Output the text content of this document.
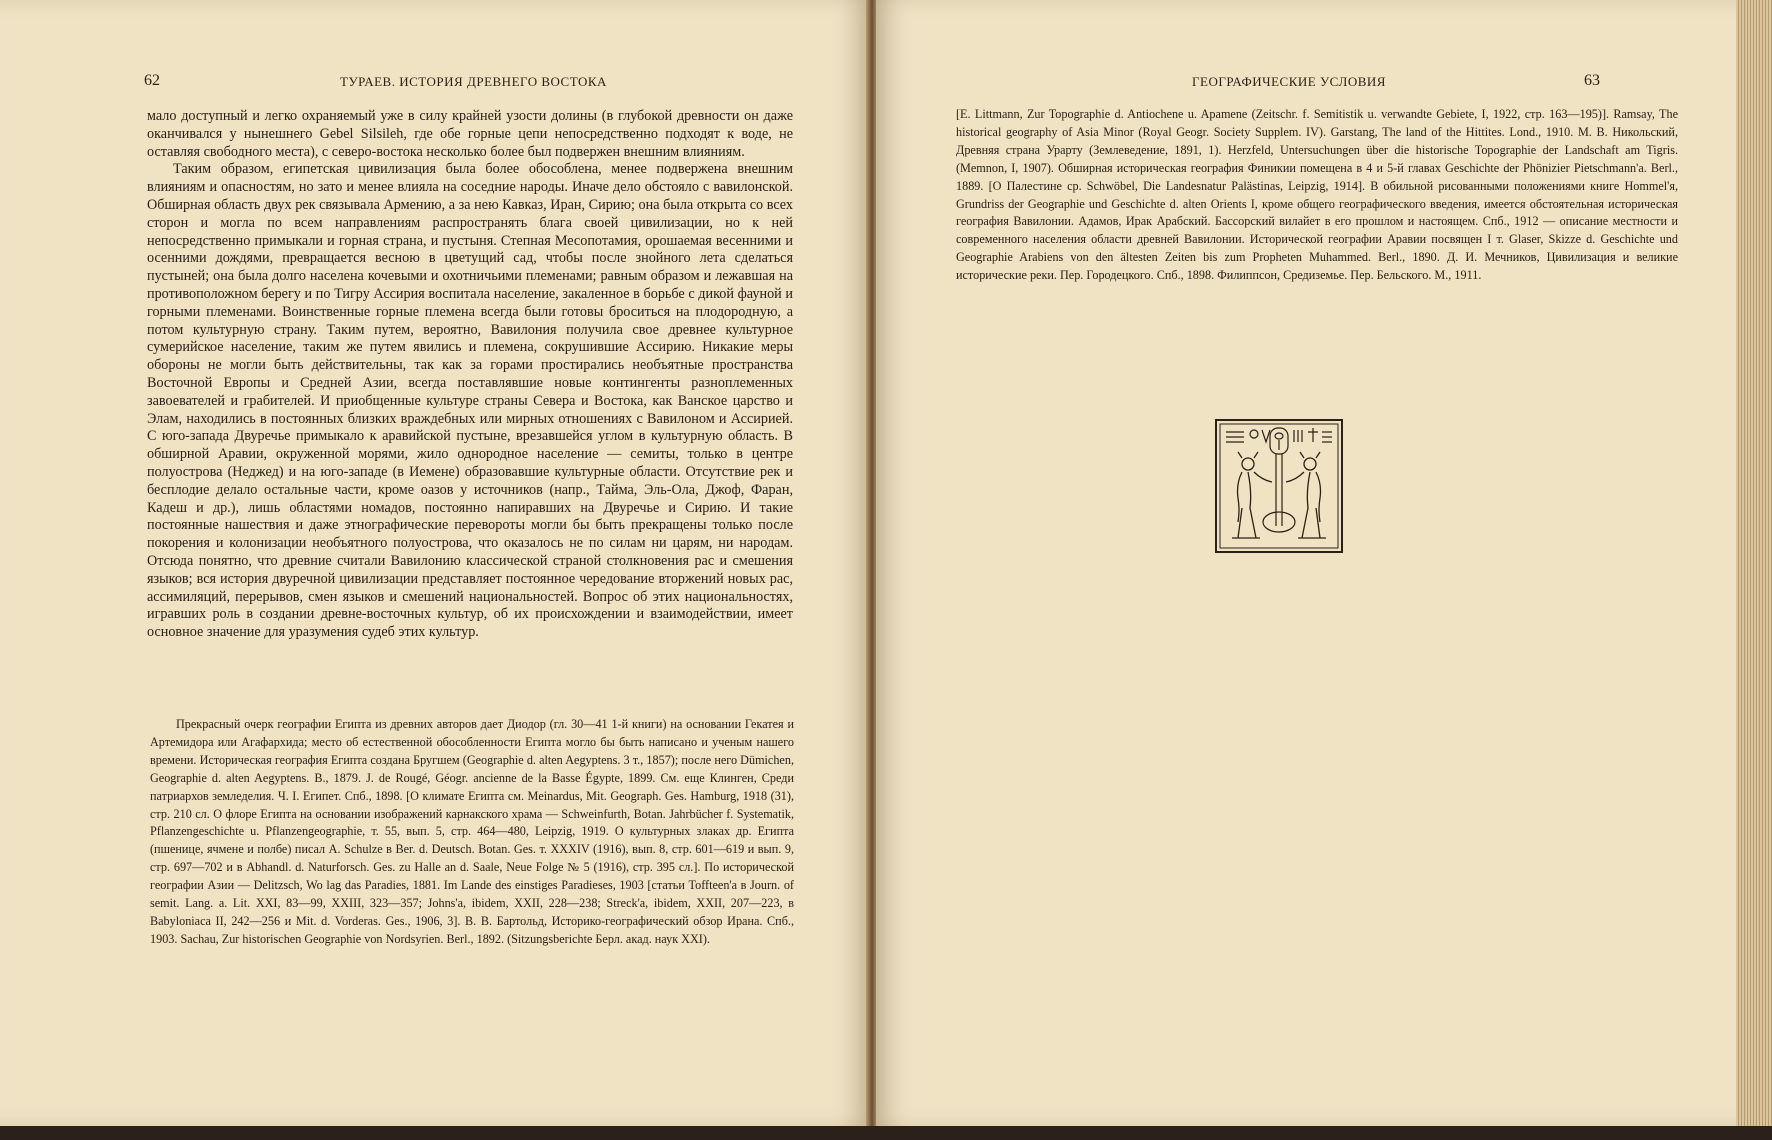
62	ТУРАЕВ. ИСТОРИЯ ДРЕВНЕГО ВОСТОКА

мало доступный и легко охраняемый уже в силу крайней узости долины (в глубокой древности он даже оканчивался у нынешнего Gebel Silsileh, где обе горные цепи непосредственно подходят к воде, не оставляя свободного места), с северо-востока несколько более был подвержен внешним влияниям.

Таким образом, египетская цивилизация была более обособлена, менее подвержена внешним влияниям и опасностям, но зато и менее влияла на соседние народы. Иначе дело обстояло с вавилонской. Обширная область двух рек связывала Армению, а за нею Кавказ, Иран, Сирию; она была открыта со всех сторон и могла по всем направлениям распространять блага своей цивилизации, но к ней непосредственно примыкали и горная страна, и пустыня. Степная Месопотамия, орошаемая весенними и осенними дождями, превращается весною в цветущий сад, чтобы после знойного лета сделаться пустыней; она была долго населена кочевыми и охотничьими племенами; равным образом и лежавшая на противоположном берегу и по Тигру Ассирия воспитала население, закаленное в борьбе с дикой фауной и горными племенами. Воинственные горные племена всегда были готовы броситься на плодородную, а потом культурную страну. Таким путем, вероятно, Вавилония получила свое древнее культурное сумерийское население, таким же путем явились и племена, сокрушившие Ассирию. Никакие меры обороны не могли быть действительны, так как за горами простирались необъятные пространства Восточной Европы и Средней Азии, всегда поставлявшие новые контингенты разноплеменных завоевателей и грабителей. И приобщенные культуре страны Севера и Востока, как Ванское царство и Элам, находились в постоянных близких враждебных или мирных отношениях с Вавилоном и Ассирией. С юго-запада Двуречье примыкало к аравийской пустыне, врезавшейся углом в культурную область. В обширной Аравии, окруженной морями, жило однородное население — семиты, только в центре полуострова (Неджед) и на юго-западе (в Иемене) образовавшие культурные области. Отсутствие рек и бесплодие делало остальные части, кроме оазов у источников (напр., Тайма, Эль-Ола, Джоф, Фаран, Кадеш и др.), лишь областями номадов, постоянно напиравших на Двуречье и Сирию. И такие постоянные нашествия и даже этнографические перевороты могли бы быть прекращены только после покорения и колонизации необъятного полуострова, что оказалось не по силам ни царям, ни народам. Отсюда понятно, что древние считали Вавилонию классической страной столкновения рас и смешения языков; вся история двуречной цивилизации представляет постоянное чередование вторжений новых рас, ассимиляций, перерывов, смен языков и смешений национальностей. Вопрос об этих национальностях, игравших роль в создании древне-восточных культур, об их происхождении и взаимодействии, имеет основное значение для уразумения судеб этих культур.

Прекрасный очерк географии Египта из древних авторов дает Диодор (гл. 30—41 1-й книги) на основании Гекатея и Артемидора или Агафархида; место об естественной обособленности Египта могло бы быть написано и ученым нашего времени. Историческая география Египта создана Бругшем (Geographie d. alten Aegyptens. 3 т., 1857); после него Dümichen, Geographie d. alten Aegyptens. B., 1879. J. de Rougé, Géogr. ancienne de la Basse Égypte, 1899. См. еще Клинген, Среди патриархов земледелия. Ч. I. Египет. Спб., 1898. [О климате Египта см. Meinardus, Mit. Geograph. Ges. Hamburg, 1918 (31), стр. 210 сл. О флоре Египта на основании изображений карнакского храма — Schweinfurth, Botan. Jahrbücher f. Systematik, Pflanzengeschichte u. Pflanzengeographie, т. 55, вып. 5, стр. 464—480, Leipzig, 1919. О культурных злаках др. Египта (пшенице, ячмене и полбе) писал A. Schulze в Ber. d. Deutsch. Botan. Ges. т. XXXIV (1916), вып. 8, стр. 601—619 и вып. 9, стр. 697—702 и в Abhandl. d. Naturforsch. Ges. zu Halle an d. Saale, Neue Folge № 5 (1916), стр. 395 сл.]. По исторической географии Азии — Delitzsch, Wo lag das Paradies, 1881. Im Lande des einstiges Paradieses, 1903 [статьи Toffteen'a в Journ. of semit. Lang. a. Lit. XXI, 83—99, XXIII, 323—357; Johns'a, ibidem, XXII, 228—238; Streck'a, ibidem, XXII, 207—223, в Babyloniaca II, 242—256 и Mit. d. Vorderas. Ges., 1906, 3]. В. В. Бартольд, Историко-географический обзор Ирана. Спб., 1903. Sachau, Zur historischen Geographie von Nordsyrien. Berl., 1892. (Sitzungsberichte Берл. акад. наук XXI).

ГЕОГРАФИЧЕСКИЕ УСЛОВИЯ	63

[E. Littmann, Zur Topographie d. Antiochene u. Apamene (Zeitschr. f. Semitistik u. verwandte Gebiete, I, 1922, стр. 163—195)]. Ramsay, The historical geography of Asia Minor (Royal Geogr. Society Supplem. IV). Garstang, The land of the Hittites. Lond., 1910. М. В. Никольский, Древняя страна Урарту (Землеведение, 1891, 1). Herzfeld, Untersuchungen über die historische Topographie der Landschaft am Tigris. (Memnon, I, 1907). Обширная историческая география Финикии помещена в 4 и 5-й главах Geschichte der Phönizier Pietschmann'a. Berl., 1889. [О Палестине ср. Schwöbel, Die Landesnatur Palästinas, Leipzig, 1914]. В обильной рисованными положениями книге Hommel'я, Grundriss der Geographie und Geschichte d. alten Orients I, кроме общего географического введения, имеется обстоятельная историческая география Вавилонии. Адамов, Ирак Арабский. Бассорский вилайет в его прошлом и настоящем. Спб., 1912 — описание местности и современного населения области древней Вавилонии. Исторической географии Аравии посвящен I т. Glaser, Skizze d. Geschichte und Geographie Arabiens von den ältesten Zeiten bis zum Propheten Muhammed. Berl., 1890. Д. И. Мечников, Цивилизация и великие исторические реки. Пер. Городецкого. Спб., 1898. Филиппсон, Средиземье. Пер. Бельского. М., 1911.
